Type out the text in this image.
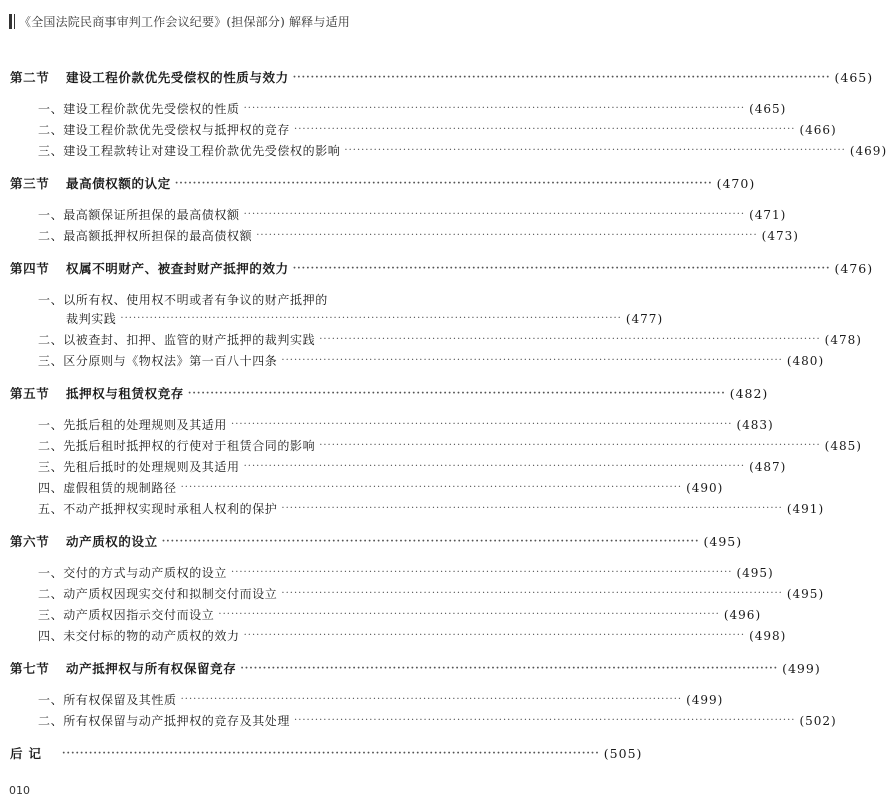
《全国法院民商事审判工作会议纪要》(担保部分) 解释与适用
第二节 建设工程价款优先受偿权的性质与效力 ························································································································ (465)
一、建设工程价款优先受偿权的性质 ························································································································ (465)
二、建设工程价款优先受偿权与抵押权的竞存 ························································································································ (466)
三、建设工程款转让对建设工程价款优先受偿权的影响 ························································································································ (469)
第三节 最高债权额的认定 ························································································································ (470)
一、最高额保证所担保的最高债权额 ························································································································ (471)
二、最高额抵押权所担保的最高债权额 ························································································································ (473)
第四节 权属不明财产、被查封财产抵押的效力 ························································································································ (476)
一、以所有权、使用权不明或者有争议的财产抵押的
裁判实践 ························································································································ (477)
二、以被查封、扣押、监管的财产抵押的裁判实践 ························································································································ (478)
三、区分原则与《物权法》第一百八十四条 ························································································································ (480)
第五节 抵押权与租赁权竞存 ························································································································ (482)
一、先抵后租的处理规则及其适用 ························································································································ (483)
二、先抵后租时抵押权的行使对于租赁合同的影响 ························································································································ (485)
三、先租后抵时的处理规则及其适用 ························································································································ (487)
四、虚假租赁的规制路径 ························································································································ (490)
五、不动产抵押权实现时承租人权利的保护 ························································································································ (491)
第六节 动产质权的设立 ························································································································ (495)
一、交付的方式与动产质权的设立 ························································································································ (495)
二、动产质权因现实交付和拟制交付而设立 ························································································································ (495)
三、动产质权因指示交付而设立 ························································································································ (496)
四、未交付标的物的动产质权的效力 ························································································································ (498)
第七节 动产抵押权与所有权保留竞存 ························································································································ (499)
一、所有权保留及其性质 ························································································································ (499)
二、所有权保留与动产抵押权的竞存及其处理 ························································································································ (502)
后记	························································································································ (505)
010
